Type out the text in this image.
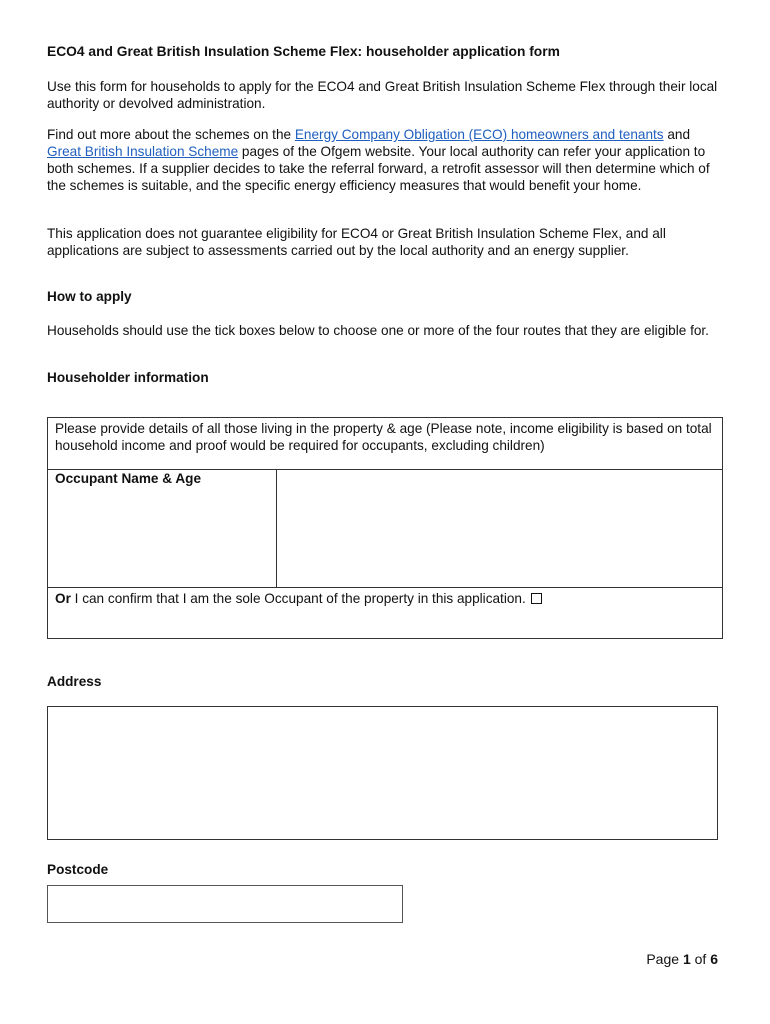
ECO4 and Great British Insulation Scheme Flex: householder application form
Use this form for households to apply for the ECO4 and Great British Insulation Scheme Flex through their local authority or devolved administration.
Find out more about the schemes on the Energy Company Obligation (ECO) homeowners and tenants and Great British Insulation Scheme pages of the Ofgem website. Your local authority can refer your application to both schemes. If a supplier decides to take the referral forward, a retrofit assessor will then determine which of the schemes is suitable, and the specific energy efficiency measures that would benefit your home.
This application does not guarantee eligibility for ECO4 or Great British Insulation Scheme Flex, and all applications are subject to assessments carried out by the local authority and an energy supplier.
How to apply
Households should use the tick boxes below to choose one or more of the four routes that they are eligible for.
Householder information
Please provide details of all those living in the property & age (Please note, income eligibility is based on total household income and proof would be required for occupants, excluding children)
Occupant Name & Age
Or I can confirm that I am the sole Occupant of the property in this application.
Address
Postcode
Page 1 of 6
